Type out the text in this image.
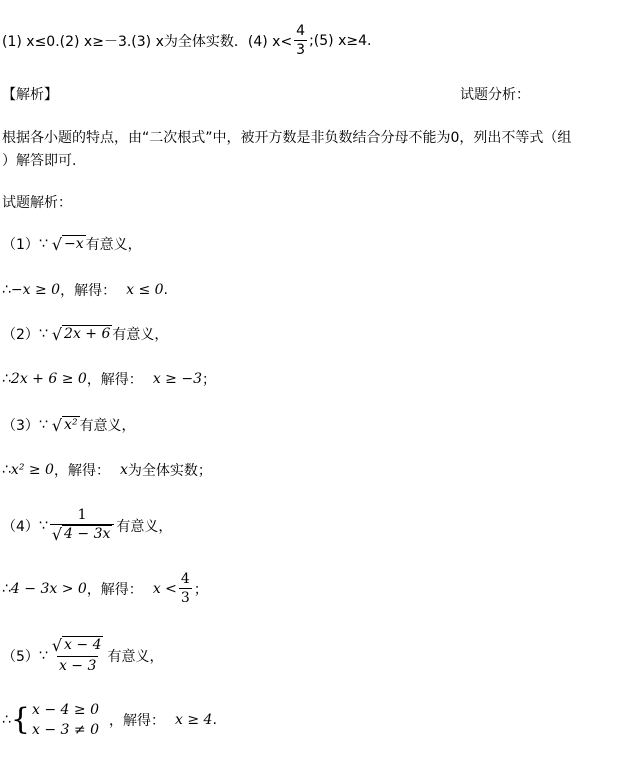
(1) x≤0.(2) x≥－3.(3) x为全体实数．(4) $x< \frac{4}{3}$ ;(5) x≥4.
【解析】	试题分析：
根据各小题的特点，由“二次根式”中，被开方数是非负数结合分母不能为0，列出不等式（组
）解答即可.
试题解析：
（1） ∵ √ −x 有意义，
∴ −x ≥ 0 ，解得： x ≤ 0 .
（2） ∵ √ 2x + 6 有意义，
∴ 2x + 6 ≥ 0 ，解得： x ≥ −3 ；
（3） ∵ √ x² 有意义，
∴ x² ≥ 0 ，解得： x 为全体实数；
（4） ∵ $\frac{1}{√ 4 - 3x}$ 有意义，
∴ 4 − 3x > 0 ，解得： $x < \frac{4}{3}$ ；
（5） ∵ $\frac{√ x - 4}{x - 3}$ 有意义，
∴ { x − 4 ≥ 0
x − 3 ≠ 0
，解得： x ≥ 4 .
